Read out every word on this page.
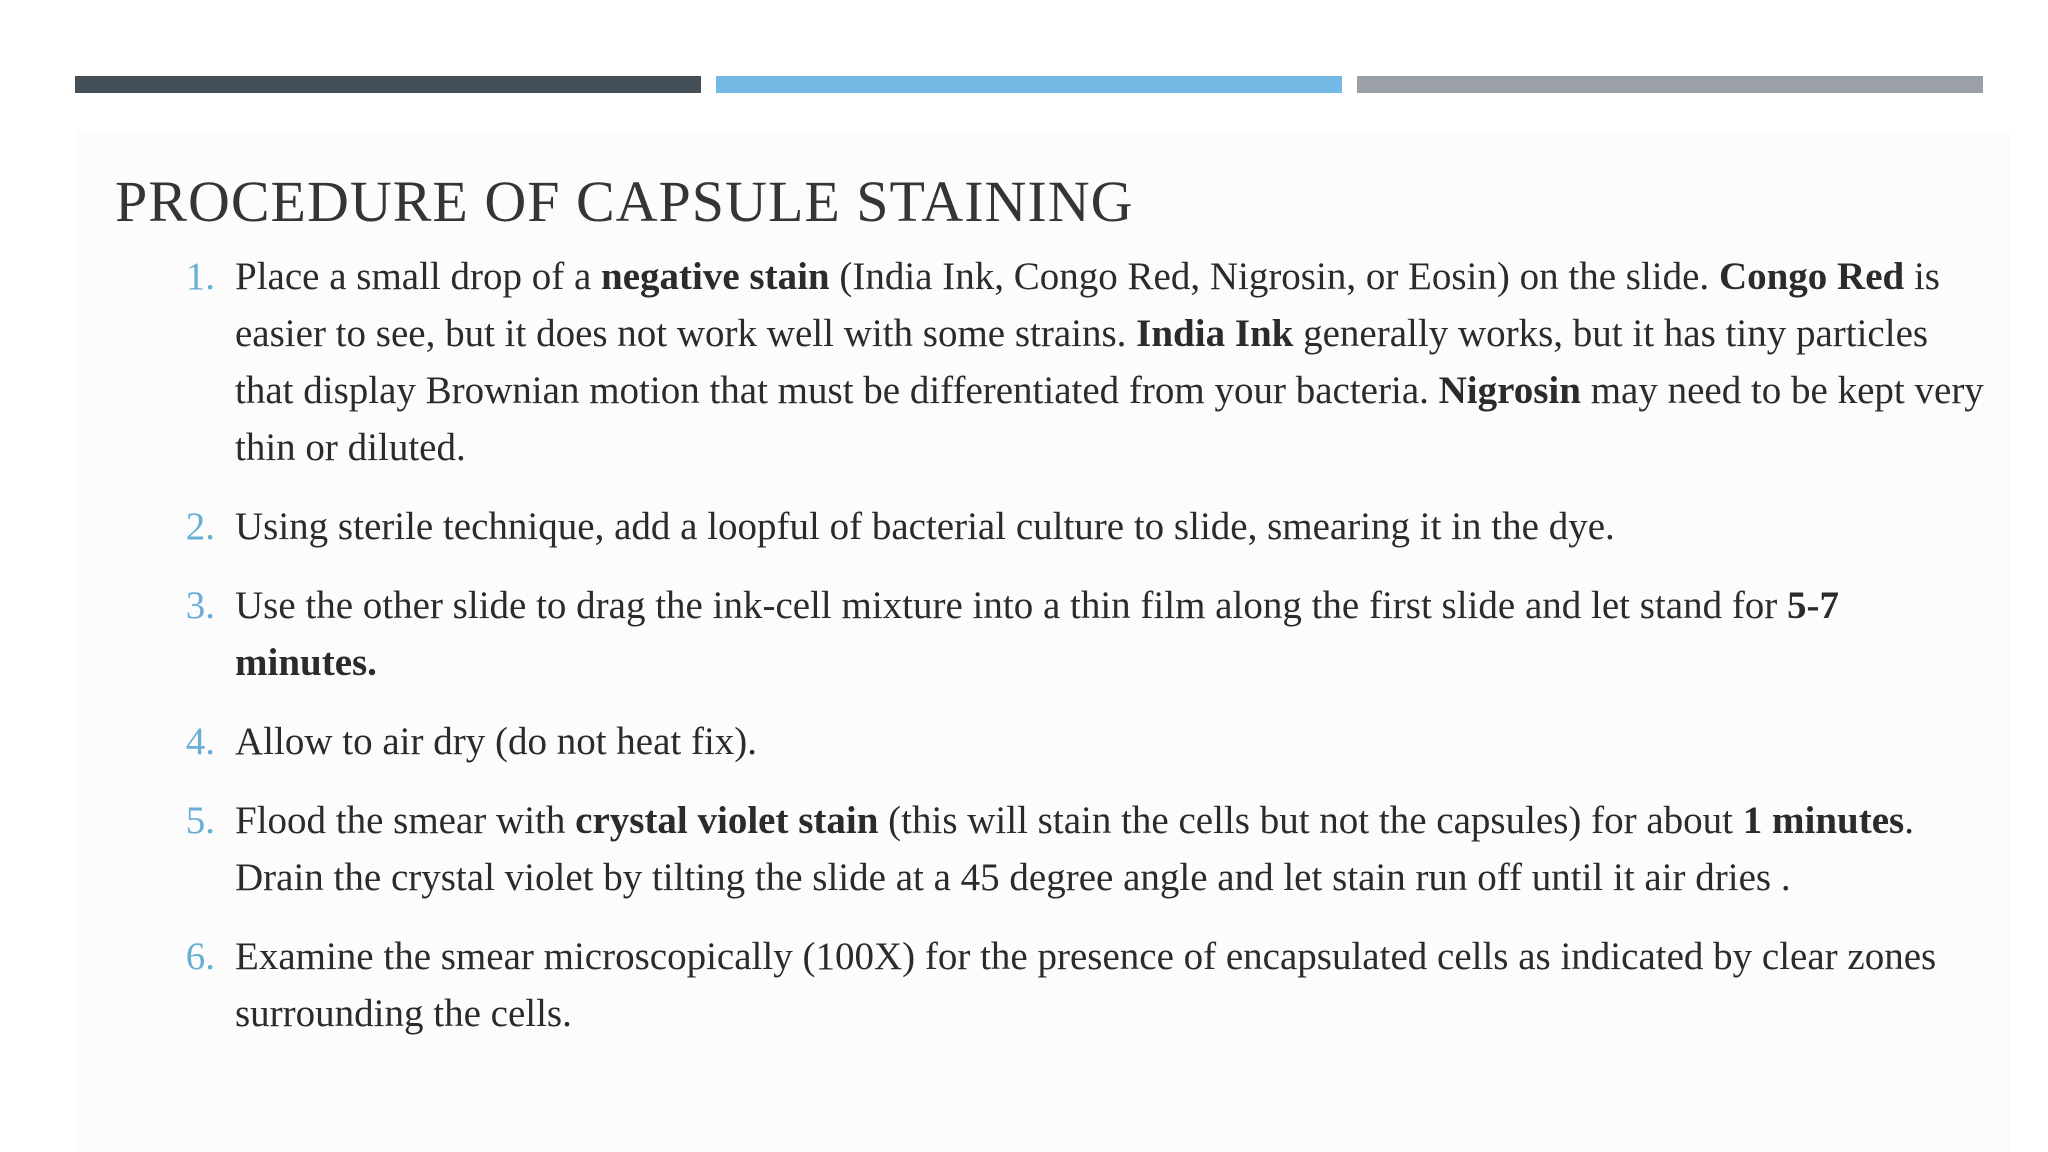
PROCEDURE OF CAPSULE STAINING
1. Place a small drop of a negative stain (India Ink, Congo Red, Nigrosin, or Eosin) on the slide. Congo Red is easier to see, but it does not work well with some strains. India Ink generally works, but it has tiny particles that display Brownian motion that must be differentiated from your bacteria. Nigrosin may need to be kept very thin or diluted.
2. Using sterile technique, add a loopful of bacterial culture to slide, smearing it in the dye.
3. Use the other slide to drag the ink-cell mixture into a thin film along the first slide and let stand for 5-7 minutes.
4. Allow to air dry (do not heat fix).
5. Flood the smear with crystal violet stain (this will stain the cells but not the capsules) for about 1 minutes. Drain the crystal violet by tilting the slide at a 45 degree angle and let stain run off until it air dries .
6. Examine the smear microscopically (100X) for the presence of encapsulated cells as indicated by clear zones surrounding the cells.
